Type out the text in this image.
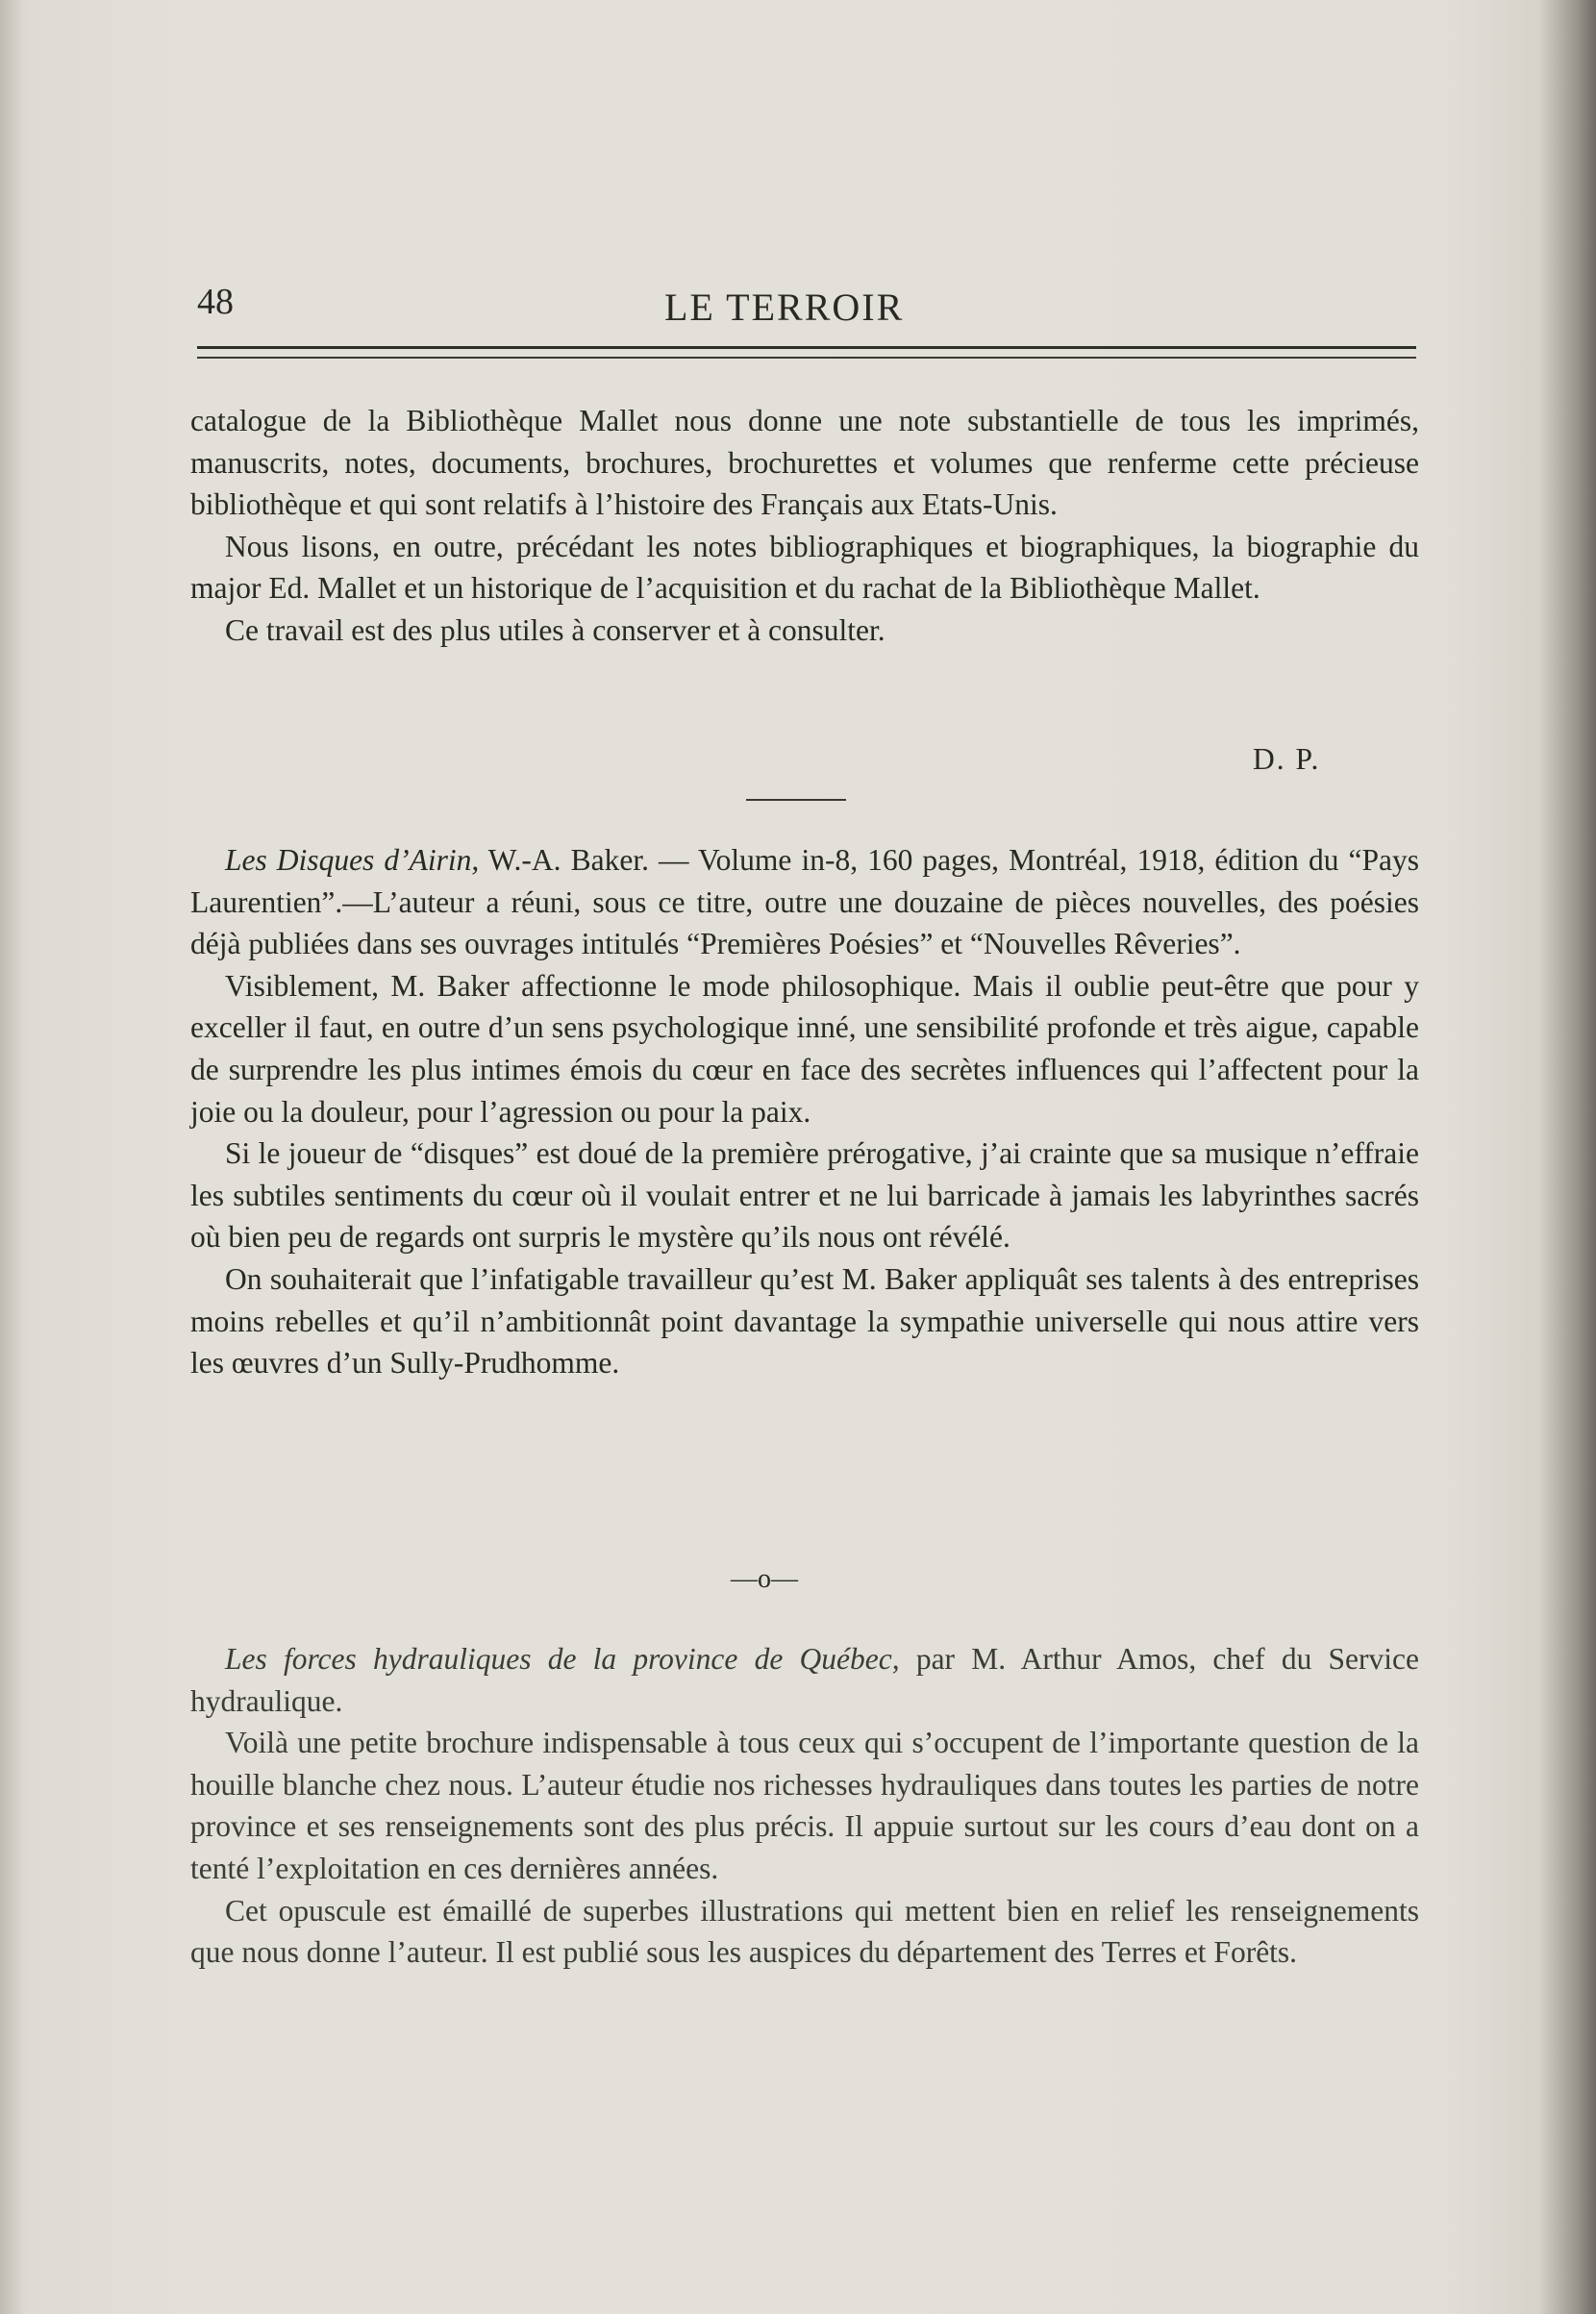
48	LE TERROIR

catalogue de la Bibliothèque Mallet nous donne une note substantielle de tous les imprimés, manuscrits, notes, documents, brochures, brochurettes et volumes que renferme cette précieuse bibliothèque et qui sont relatifs à l’histoire des Français aux Etats-Unis.

Nous lisons, en outre, précédant les notes bibliographiques et biographiques, la biographie du major Ed. Mallet et un historique de l’acquisition et du rachat de la Bibliothèque Mallet.

Ce travail est des plus utiles à conserver et à consulter.

D. P.

Les Disques d’Airin, W.-A. Baker. — Volume in-8, 160 pages, Montréal, 1918, édition du “Pays Laurentien”.—L’auteur a réuni, sous ce titre, outre une douzaine de pièces nouvelles, des poésies déjà publiées dans ses ouvrages intitulés “Premières Poésies” et “Nouvelles Rêveries”.

Visiblement, M. Baker affectionne le mode philosophique. Mais il oublie peut-être que pour y exceller il faut, en outre d’un sens psychologique inné, une sensibilité profonde et très aigue, capable de surprendre les plus intimes émois du cœur en face des secrètes influences qui l’affectent pour la joie ou la douleur, pour l’agression ou pour la paix.

Si le joueur de “disques” est doué de la première prérogative, j’ai crainte que sa musique n’effraie les subtiles sentiments du cœur où il voulait entrer et ne lui barricade à jamais les labyrinthes sacrés où bien peu de regards ont surpris le mystère qu’ils nous ont révélé.

On souhaiterait que l’infatigable travailleur qu’est M. Baker appliquât ses talents à des entreprises moins rebelles et qu’il n’ambitionnât point davantage la sympathie universelle qui nous attire vers les œuvres d’un Sully-Prudhomme.

—o—

Les forces hydrauliques de la province de Québec, par M. Arthur Amos, chef du Service hydraulique.

Voilà une petite brochure indispensable à tous ceux qui s’occupent de l’importante question de la houille blanche chez nous. L’auteur étudie nos richesses hydrauliques dans toutes les parties de notre province et ses renseignements sont des plus précis. Il appuie surtout sur les cours d’eau dont on a tenté l’exploitation en ces dernières années.

Cet opuscule est émaillé de superbes illustrations qui mettent bien en relief les renseignements que nous donne l’auteur. Il est publié sous les auspices du département des Terres et Forêts.
